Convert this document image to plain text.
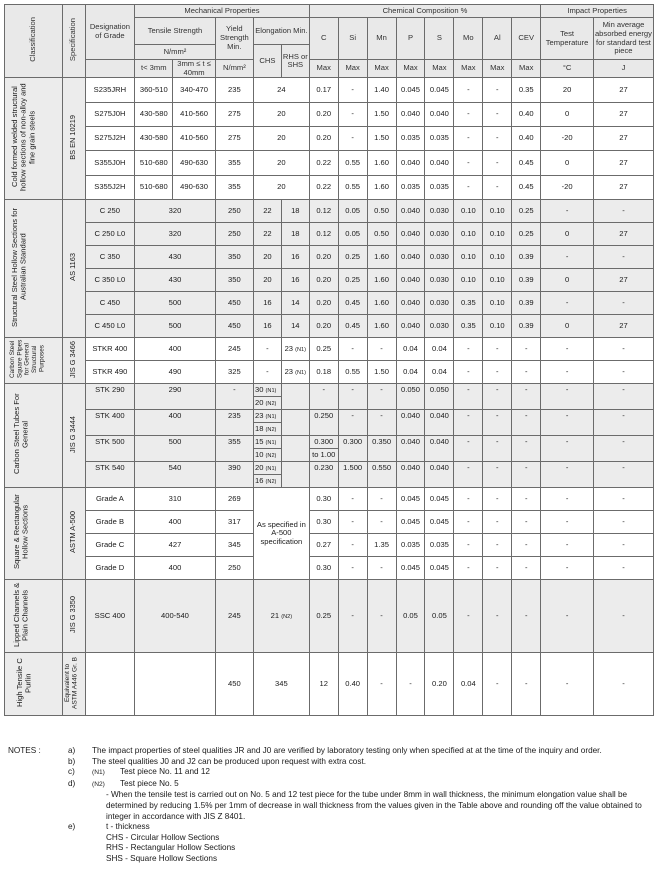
Classification	Specification	Designation of Grade	Mechanical Properties					Chemical Composition %								Impact Properties	
			Tensile Strength		Yield Strength Min.	Elongation Min.		C	Si	Mn	P	S	Mo	Al	CEV	Test Temperature	Min average absorbed energy for standard test piece
			N/mm²			CHS	RHS or SHS										
			t< 3mm	3mm ≤ t ≤ 40mm	N/mm²			Max	Max	Max	Max	Max	Max	Max	Max	°C	J
Cold formed welded structural hollow sections of non-alloy and fine grain steels	BS EN 10219	S235JRH	360-510	340-470	235	24		0.17	-	1.40	0.045	0.045	-	-	0.35	20	27
		S275J0H	430-580	410-560	275	20		0.20	-	1.50	0.040	0.040	-	-	0.40	0	27
		S275J2H	430-580	410-560	275	20		0.20	-	1.50	0.035	0.035	-	-	0.40	-20	27
		S355J0H	510-680	490-630	355	20		0.22	0.55	1.60	0.040	0.040	-	-	0.45	0	27
		S355J2H	510-680	490-630	355	20		0.22	0.55	1.60	0.035	0.035	-	-	0.45	-20	27
Structural Steel Hollow Sections for Australian Standard	AS 1163	C 250	320		250	22	18	0.12	0.05	0.50	0.040	0.030	0.10	0.10	0.25	-	-
		C 250 L0	320		250	22	18	0.12	0.05	0.50	0.040	0.030	0.10	0.10	0.25	0	27
		C 350	430		350	20	16	0.20	0.25	1.60	0.040	0.030	0.10	0.10	0.39	-	-
		C 350 L0	430		350	20	16	0.20	0.25	1.60	0.040	0.030	0.10	0.10	0.39	0	27
		C 450	500		450	16	14	0.20	0.45	1.60	0.040	0.030	0.35	0.10	0.39	-	-
		C 450 L0	500		450	16	14	0.20	0.45	1.60	0.040	0.030	0.35	0.10	0.39	0	27
Carbon Steel Square Pipes for General Structural Purposes	JIS G 3466	STKR 400	400		245	-	23 (N1)	0.25	-	-	0.04	0.04	-	-	-	-	-
		STKR 490	490		325	-	23 (N1)	0.18	0.55	1.50	0.04	0.04	-	-	-	-	-
Carbon Steel Tubes For General	JIS G 3444	STK 290	290		-	30 (N1)		-	-	-	0.050	0.050	-	-	-	-	-
						20 (N2)											
		STK 400	400		235	23 (N1)		0.250	-	-	0.040	0.040	-	-	-	-	-
						18 (N2)											
		STK 500	500		355	15 (N1)		0.300	0.300	0.350	0.040	0.040	-	-	-	-	-
						10 (N2)		to 1.00									
		STK 540	540		390	20 (N1)		0.230	1.500	0.550	0.040	0.040	-	-	-	-	-
						16 (N2)											
Square & Rectangular Hollow Sections	ASTM A-500	Grade A	310		269	As specified in A-500 specification		0.30	-	-	0.045	0.045	-	-	-	-	-
		Grade B	400		317			0.30	-	-	0.045	0.045	-	-	-	-	-
		Grade C	427		345			0.27	-	1.35	0.035	0.035	-	-	-	-	-
		Grade D	400		250			0.30	-	-	0.045	0.045	-	-	-	-	-
Lipped Channels & Plain Channels	JIS G 3350	SSC 400	400-540		245	21 (N2)		0.25	-	-	0.05	0.05	-	-	-	-	-
High Tensile C Purlin	Equivalent to ASTM A446 Gr. B				450	345		12	0.40	-	-	0.20	0.04	-	-	-	-
NOTES :	a) The impact properties of steel qualities JR and J0 are verified by laboratory testing only when specified at at the time of the inquiry and order.
b) The steel qualities J0 and J2 can be produced upon request with extra cost.
c)	(N1) Test piece No. 11 and 12
d)	(N2) Test piece No. 5
- When the tensile test is carried out on No. 5 and 12 test piece for the tube under 8mm in wall thickness, the minimum elongation value shall be determined by reducing 1.5% per 1mm of decrease in wall thickness from the values given in the Table above and rounding off the value obtained to integer in accordance with JIS Z 8401.
e)	t - thickness
CHS - Circular Hollow Sections
RHS - Rectangular Hollow Sections
SHS - Square Hollow Sections
